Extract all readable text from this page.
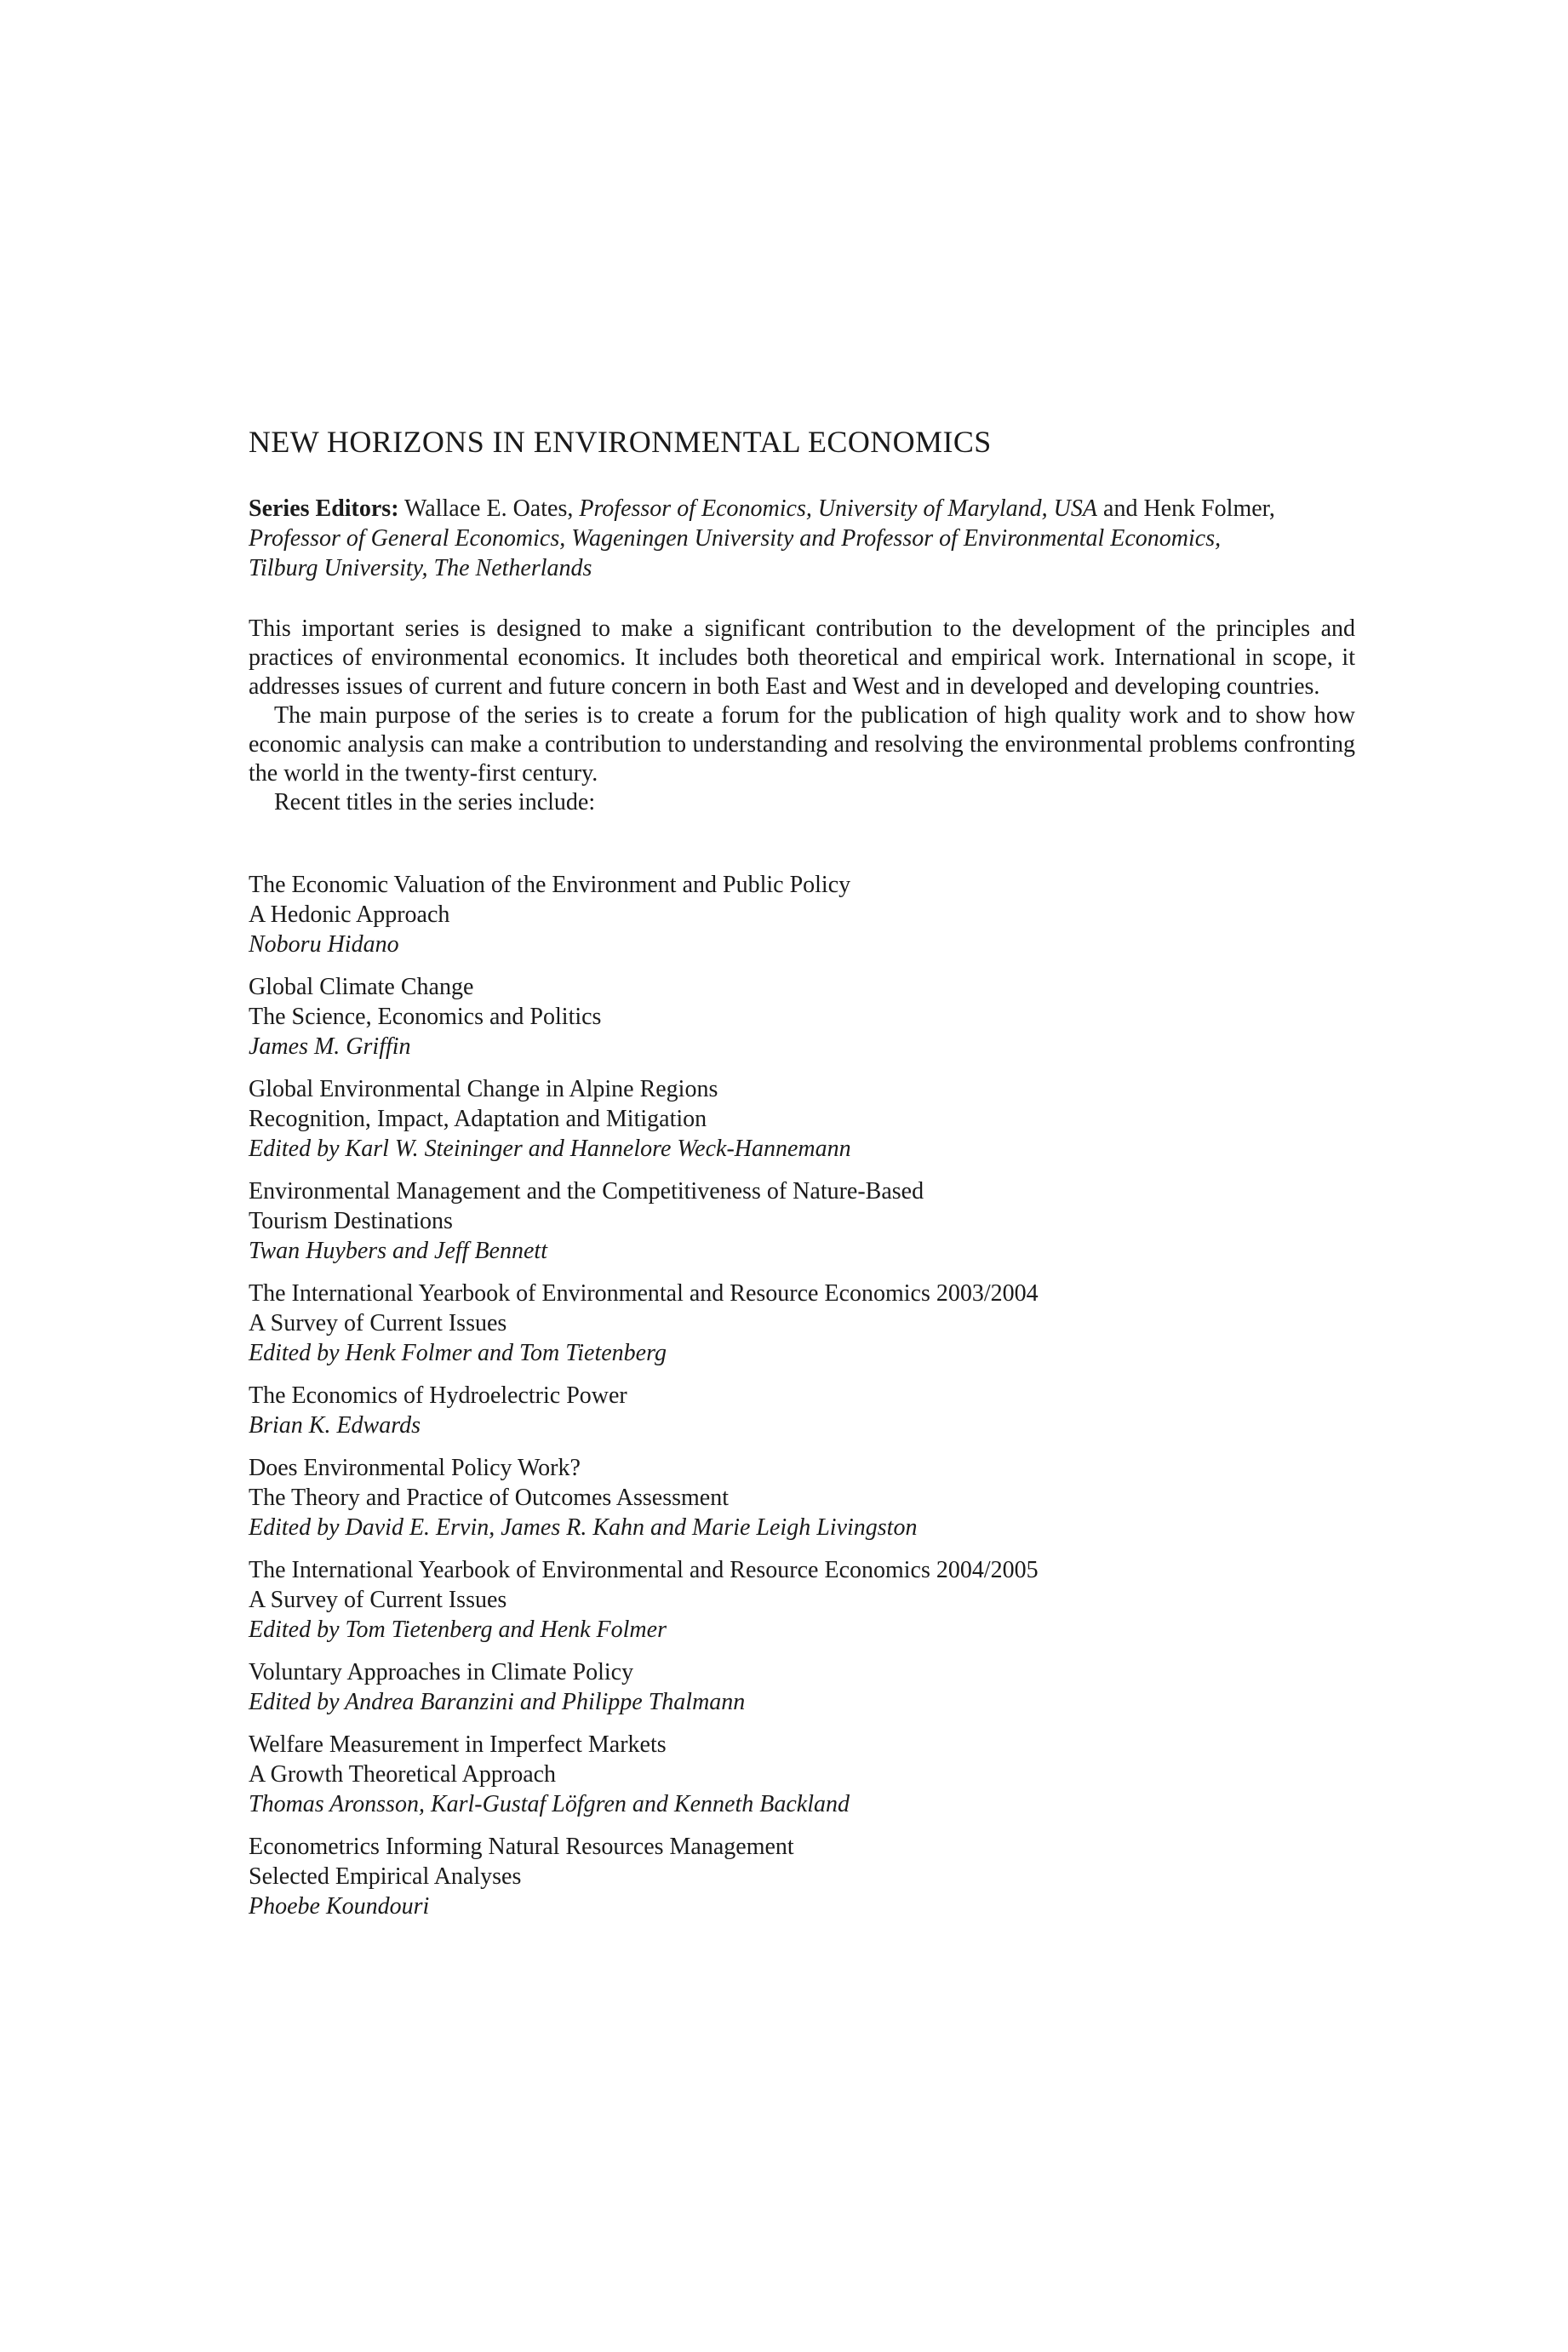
NEW HORIZONS IN ENVIRONMENTAL ECONOMICS
Series Editors: Wallace E. Oates, Professor of Economics, University of Maryland, USA and Henk Folmer,
Professor of General Economics, Wageningen University and Professor of Environmental Economics,
Tilburg University, The Netherlands

This important series is designed to make a significant contribution to the development of the principles and practices of environmental economics. It includes both theoretical and empirical work. International in scope, it addresses issues of current and future concern in both East and West and in developed and developing countries.

The main purpose of the series is to create a forum for the publication of high quality work and to show how economic analysis can make a contribution to understanding and resolving the environmental problems confronting the world in the twenty-first century.

Recent titles in the series include:

The Economic Valuation of the Environment and Public Policy
A Hedonic Approach
Noboru Hidano
Global Climate Change
The Science, Economics and Politics
James M. Griffin
Global Environmental Change in Alpine Regions
Recognition, Impact, Adaptation and Mitigation
Edited by Karl W. Steininger and Hannelore Weck-Hannemann
Environmental Management and the Competitiveness of Nature-Based
Tourism Destinations
Twan Huybers and Jeff Bennett
The International Yearbook of Environmental and Resource Economics 2003/2004
A Survey of Current Issues
Edited by Henk Folmer and Tom Tietenberg
The Economics of Hydroelectric Power
Brian K. Edwards
Does Environmental Policy Work?
The Theory and Practice of Outcomes Assessment
Edited by David E. Ervin, James R. Kahn and Marie Leigh Livingston
The International Yearbook of Environmental and Resource Economics 2004/2005
A Survey of Current Issues
Edited by Tom Tietenberg and Henk Folmer
Voluntary Approaches in Climate Policy
Edited by Andrea Baranzini and Philippe Thalmann
Welfare Measurement in Imperfect Markets
A Growth Theoretical Approach
Thomas Aronsson, Karl-Gustaf Löfgren and Kenneth Backland
Econometrics Informing Natural Resources Management
Selected Empirical Analyses
Phoebe Koundouri
